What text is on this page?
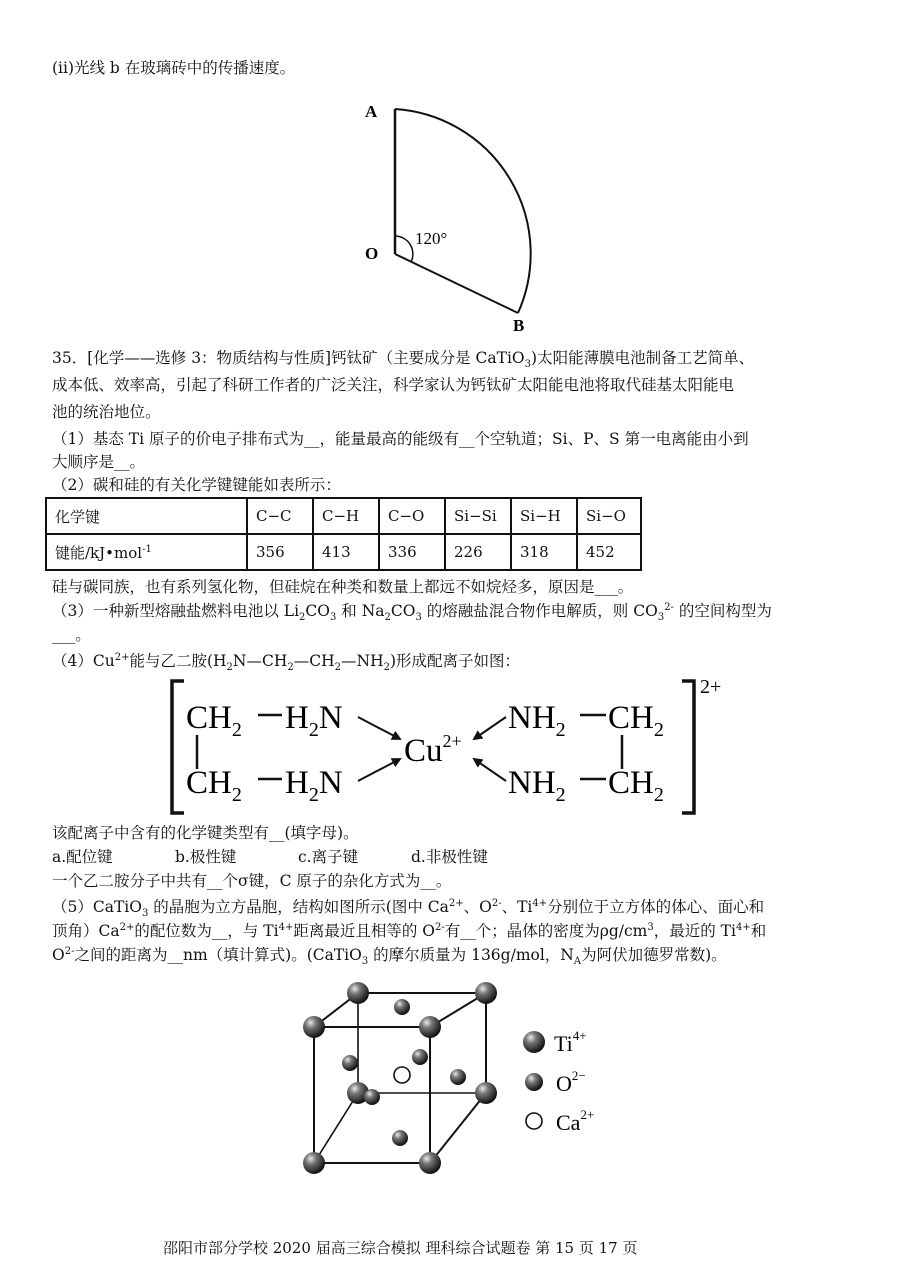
(ii)光线 b 在玻璃砖中的传播速度。
A
O
B
120°
35．[化学——选修 3：物质结构与性质]钙钛矿（主要成分是 CaTiO$_3$)太阳能薄膜电池制备工艺简单、
成本低、效率高，引起了科研工作者的广泛关注，科学家认为钙钛矿太阳能电池将取代硅基太阳能电
池的统治地位。
（1）基态 Ti 原子的价电子排布式为__，能量最高的能级有__个空轨道；Si、P、S 第一电离能由小到
大顺序是__。
（2）碳和硅的有关化学键键能如表所示：
化学键	C−C	C−H	C−O	Si−Si	Si−H	Si−O
键能/kJ•mol$^{-1}$	356	413	336	226	318	452
硅与碳同族，也有系列氢化物，但硅烷在种类和数量上都远不如烷烃多，原因是___。
（3）一种新型熔融盐燃料电池以 $Li_2CO_3$ 和 $Na_2CO_3$ 的熔融盐混合物作电解质，则 $CO_3^{2-}$ 的空间构型为
___。
$(4)Cu^{2+}$能与乙二胺$(H_2N—CH_2—CH_2—NH_2)$形成配离子如图：
2+
$CH_2$ $H_2N$
$CH_2$ $H_2N$
$Cu^{2+}$
$NH_2$ $CH_2$
$NH_2$ $CH_2$
该配离子中含有的化学键类型有__(填字母)。
a.配位键	b.极性键	c.离子键	d.非极性键
一个乙二胺分子中共有__个σ键，C 原子的杂化方式为__。
（5）CaTiO$_3$ 的晶胞为立方晶胞，结构如图所示(图中 $Ca^{2+}$、$O^{2-}$、$Ti^{4+}$分别位于立方体的体心、面心和
顶角）$Ca^{2+}$的配位数为__，与 $Ti^{4+}$距离最近且相等的 $O^{2-}$有__个；晶体的密度为$\rho g/cm^3$，最近的 $Ti^{4+}$和
$O^{2-}$之间的距离为__nm（填计算式)。(CaTiO$_3$ 的摩尔质量为 136g/mol，$N_A$为阿伏加德罗常数)。
$Ti^{4+}$
$O^{2-}$
$Ca^{2+}$
邵阳市部分学校 2020 届高三综合模拟 理科综合试题卷 第 15 页 17 页
